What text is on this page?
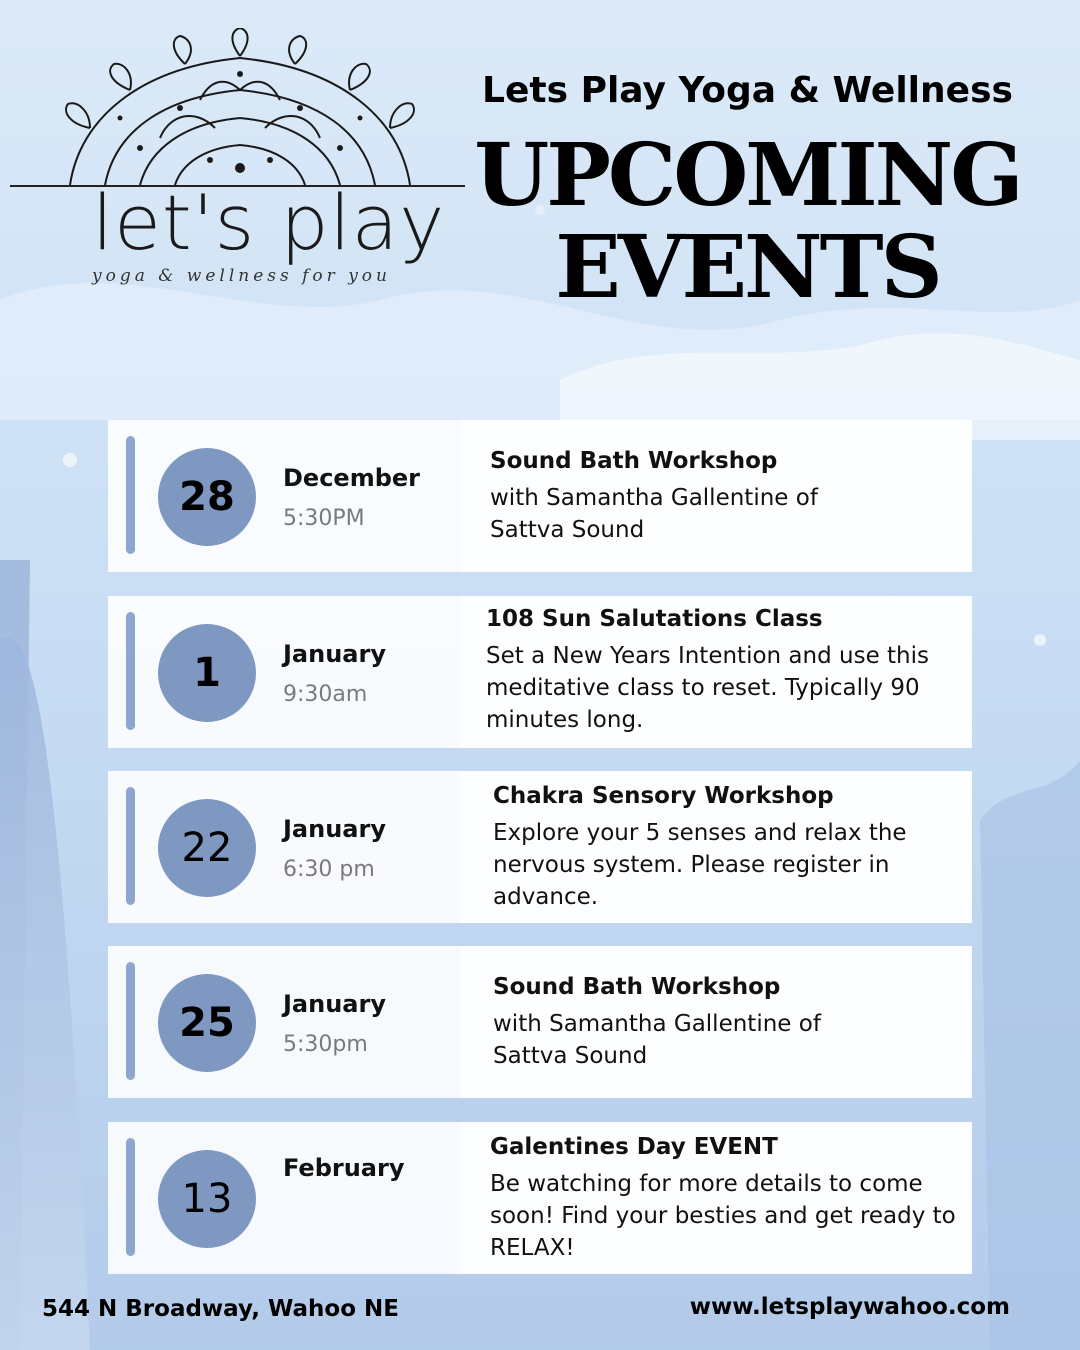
let's play
yoga & wellness for you
Lets Play Yoga & Wellness
UPCOMING
EVENTS
28	December
5:30PM
Sound Bath Workshop
with Samantha Gallentine of Sattva Sound
1	January
9:30am
108 Sun Salutations Class
Set a New Years Intention and use this meditative class to reset. Typically 90 minutes long.
22	January
6:30 pm
Chakra Sensory Workshop
Explore your 5 senses and relax the nervous system. Please register in advance.
25	January
5:30pm
Sound Bath Workshop
with Samantha Gallentine of Sattva Sound
13
February
Galentines Day EVENT
Be watching for more details to come soon! Find your besties and get ready to RELAX!
544 N Broadway, Wahoo NE	www.letsplaywahoo.com
